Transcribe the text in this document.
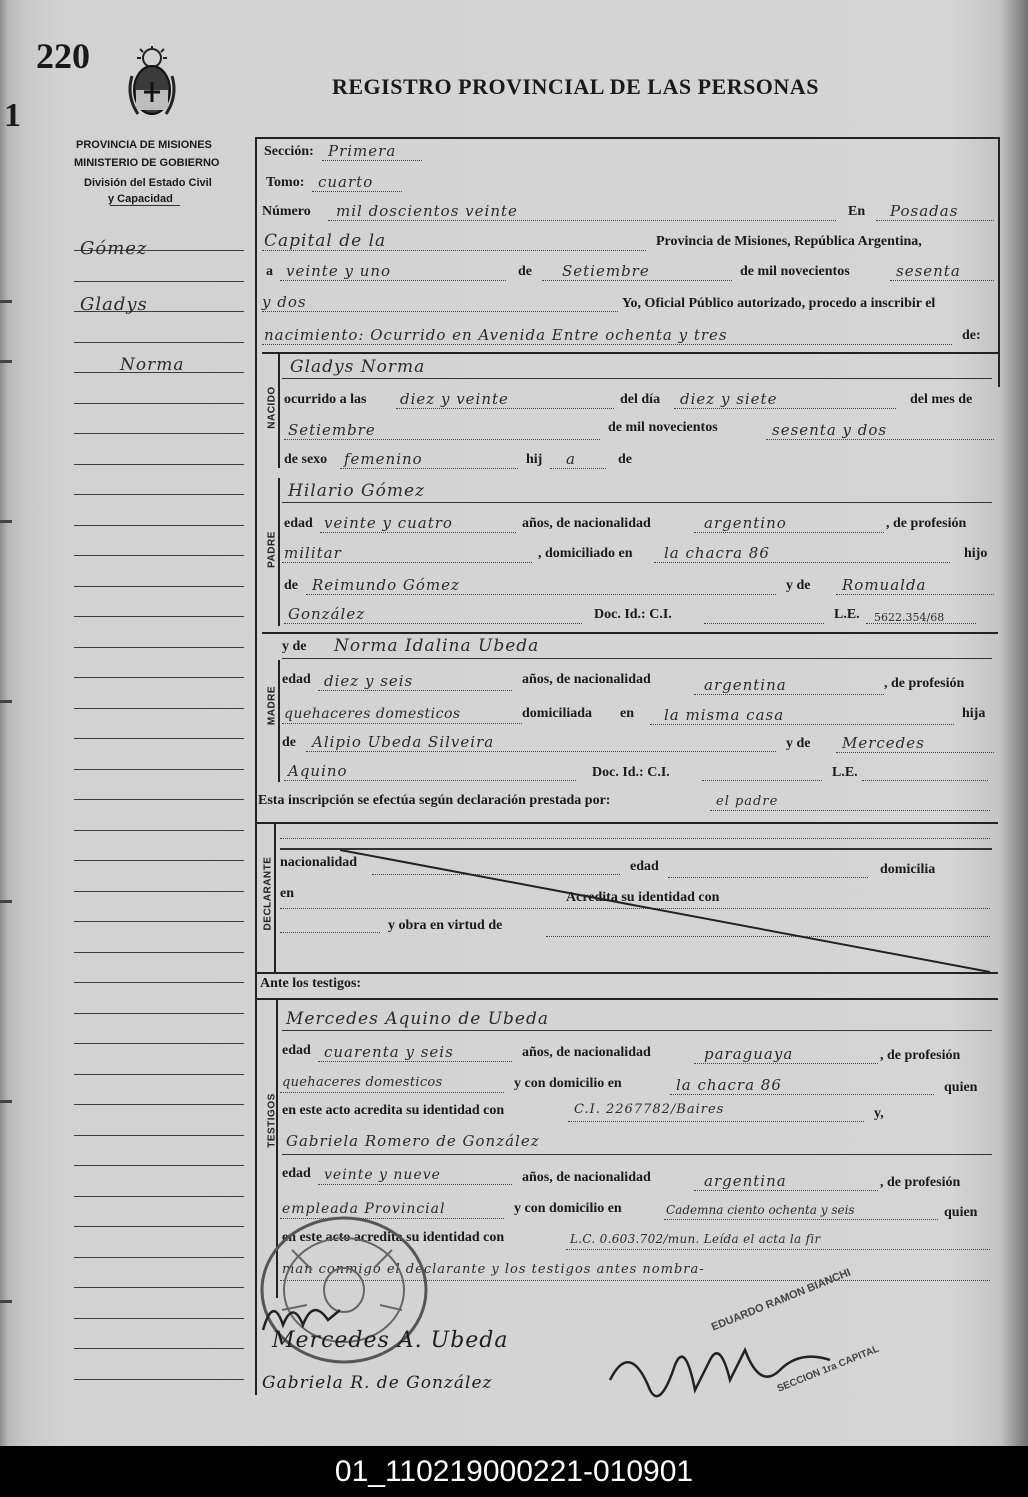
220
1
REGISTRO PROVINCIAL DE LAS PERSONAS
PROVINCIA DE MISIONES
MINISTERIO DE GOBIERNO
División del Estado Civil
y Capacidad
Gómez
Gladys
Norma
Sección: Primera
Tomo: cuarto
Número mil doscientos veinte	En Posadas
Capital de la	Provincia de Misiones, República Argentina,
a veinte y uno	de Setiembre	de mil novecientos	sesenta
y dos	Yo, Oficial Público autorizado, procedo a inscribir el
nacimiento: Ocurrido en Avenida Entre ochenta y tres	de:
NACIDO
Gladys Norma
ocurrido a las diez y veinte	del día diez y siete	del mes de
Setiembre	de mil novecientos	sesenta y dos
de sexo femenino	hij a	de
PADRE
Hilario Gómez
edad veinte y cuatro	años, de nacionalidad	argentino	, de profesión
militar	, domiciliado en la chacra 86	hijo
de Reimundo Gómez	y de Romualda
González	Doc. Id.: C.I.	L.E. 5622.354/68
MADRE
y de Norma Idalina Ubeda
edad diez y seis	años, de nacionalidad	argentina	, de profesión
quehaceres domesticos	domiciliada en la misma casa	hija
de Alipio Ubeda Silveira	y de Mercedes
Aquino	Doc. Id.: C.I.	L.E.
Esta inscripción se efectúa según declaración prestada por:	el padre
DECLARANTE nacionalidad	edad	domicilia
en	Acredita su identidad con
y obra en virtud de
Ante los testigos:
TESTIGOS
Mercedes Aquino de Ubeda
edad cuarenta y seis	años, de nacionalidad	paraguaya	, de profesión
quehaceres domesticos	y con domicilio en	la chacra 86	quien
en este acto acredita su identidad con	C.I. 2267782/Baires	y,
Gabriela Romero de González
edad veinte y nueve	años, de nacionalidad	argentina	, de profesión
empleada Provincial	y con domicilio en	Cademna ciento ochenta y seis	quien
en este acto acredita su identidad con	L.C. 0.603.702/mun. Leída el acta la fir
man conmigo el declarante y los testigos antes nombra- EDUARDO RAMON BIANCHI
SECCION 1ra CAPITAL
Mercedes A. Ubeda
Gabriela R. de González
01_110219000221-010901
